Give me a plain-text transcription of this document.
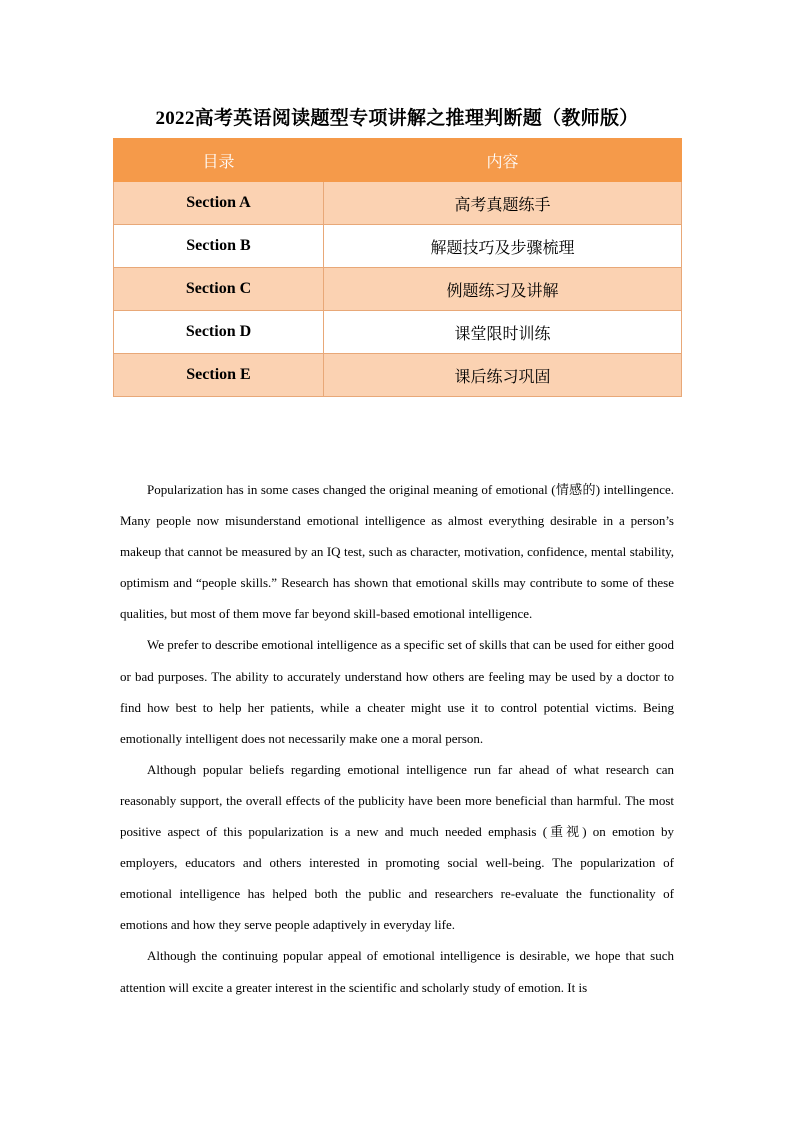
2022高考英语阅读题型专项讲解之推理判断题（教师版）
目录	内容
Section A	高考真题练手
Section B	解题技巧及步骤梳理
Section C	例题练习及讲解
Section D	课堂限时训练
Section E	课后练习巩固

Popularization has in some cases changed the original meaning of emotional (情感的) intellingence. Many people now misunderstand emotional intelligence as almost everything desirable in a person’s makeup that cannot be measured by an IQ test, such as character, motivation, confidence, mental stability, optimism and “people skills.” Research has shown that emotional skills may contribute to some of these qualities, but most of them move far beyond skill-based emotional intelligence.

We prefer to describe emotional intelligence as a specific set of skills that can be used for either good or bad purposes. The ability to accurately understand how others are feeling may be used by a doctor to find how best to help her patients, while a cheater might use it to control potential victims. Being emotionally intelligent does not necessarily make one a moral person.

Although popular beliefs regarding emotional intelligence run far ahead of what research can reasonably support, the overall effects of the publicity have been more beneficial than harmful. The most positive aspect of this popularization is a new and much needed emphasis (重视) on emotion by employers, educators and others interested in promoting social well-being. The popularization of emotional intelligence has helped both the public and researchers re-evaluate the functionality of emotions and how they serve people adaptively in everyday life.

Although the continuing popular appeal of emotional intelligence is desirable, we hope that such attention will excite a greater interest in the scientific and scholarly study of emotion. It is
